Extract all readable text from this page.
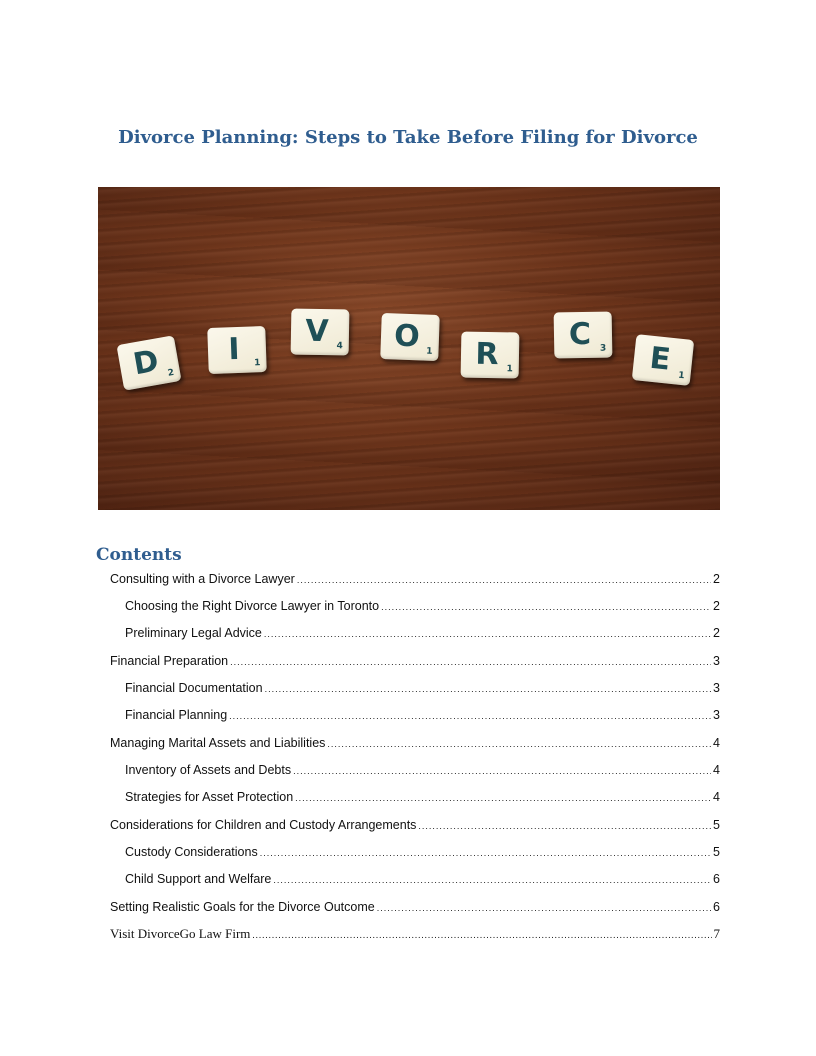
Divorce Planning: Steps to Take Before Filing for Divorce
D 2
I	1
V 4	O 1	R 1
C 3	E 1
Contents
Consulting with a Divorce Lawyer .....	2
Choosing the Right Divorce Lawyer in Toronto .....	2
Preliminary Legal Advice .....	2
Financial Preparation .....	3
Financial Documentation .....	3
Financial Planning .....	3
Managing Marital Assets and Liabilities .....	4
Inventory of Assets and Debts .....	4
Strategies for Asset Protection .....	4
Considerations for Children and Custody Arrangements .....	5
Custody Considerations .....	5
Child Support and Welfare .....	6
Setting Realistic Goals for the Divorce Outcome .....	6
Visit DivorceGo Law Firm .....	7
